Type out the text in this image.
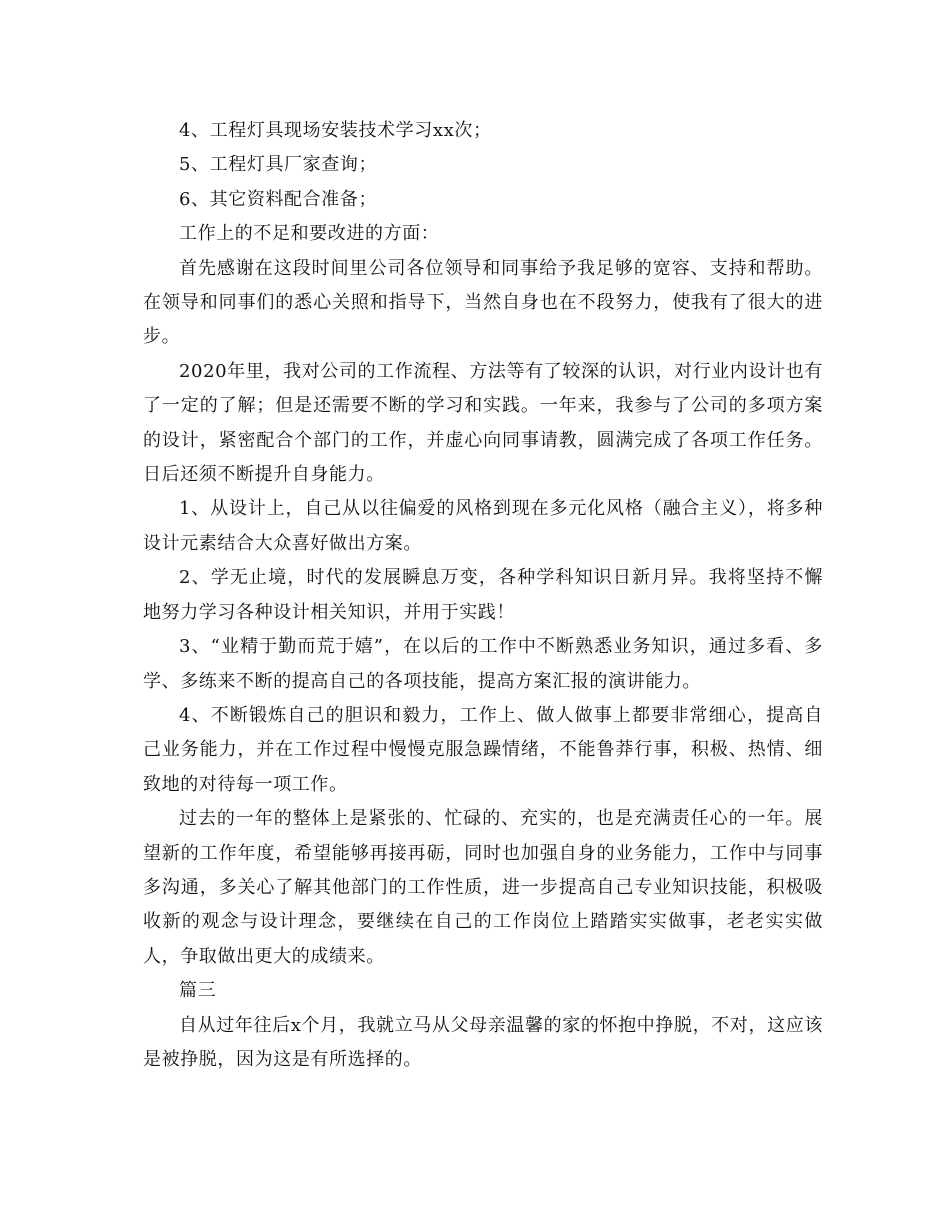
4、工程灯具现场安装技术学习xx次；

5、工程灯具厂家查询；

6、其它资料配合准备；

工作上的不足和要改进的方面：

首先感谢在这段时间里公司各位领导和同事给予我足够的宽容、支持和帮助。在领导和同事们的悉心关照和指导下，当然自身也在不段努力，使我有了很大的进步。

2020年里，我对公司的工作流程、方法等有了较深的认识，对行业内设计也有了一定的了解；但是还需要不断的学习和实践。一年来，我参与了公司的多项方案的设计，紧密配合个部门的工作，并虚心向同事请教，圆满完成了各项工作任务。日后还须不断提升自身能力。

1、从设计上，自己从以往偏爱的风格到现在多元化风格（融合主义），将多种设计元素结合大众喜好做出方案。

2、学无止境，时代的发展瞬息万变，各种学科知识日新月异。我将坚持不懈地努力学习各种设计相关知识，并用于实践！

3、“业精于勤而荒于嬉”，在以后的工作中不断熟悉业务知识，通过多看、多学、多练来不断的提高自己的各项技能，提高方案汇报的演讲能力。

4、不断锻炼自己的胆识和毅力，工作上、做人做事上都要非常细心，提高自己业务能力，并在工作过程中慢慢克服急躁情绪，不能鲁莽行事，积极、热情、细致地的对待每一项工作。

过去的一年的整体上是紧张的、忙碌的、充实的，也是充满责任心的一年。展望新的工作年度，希望能够再接再砺，同时也加强自身的业务能力，工作中与同事多沟通，多关心了解其他部门的工作性质，进一步提高自己专业知识技能，积极吸收新的观念与设计理念，要继续在自己的工作岗位上踏踏实实做事，老老实实做人，争取做出更大的成绩来。

篇三

自从过年往后x个月，我就立马从父母亲温馨的家的怀抱中挣脱，不对，这应该是被挣脱，因为这是有所选择的。
